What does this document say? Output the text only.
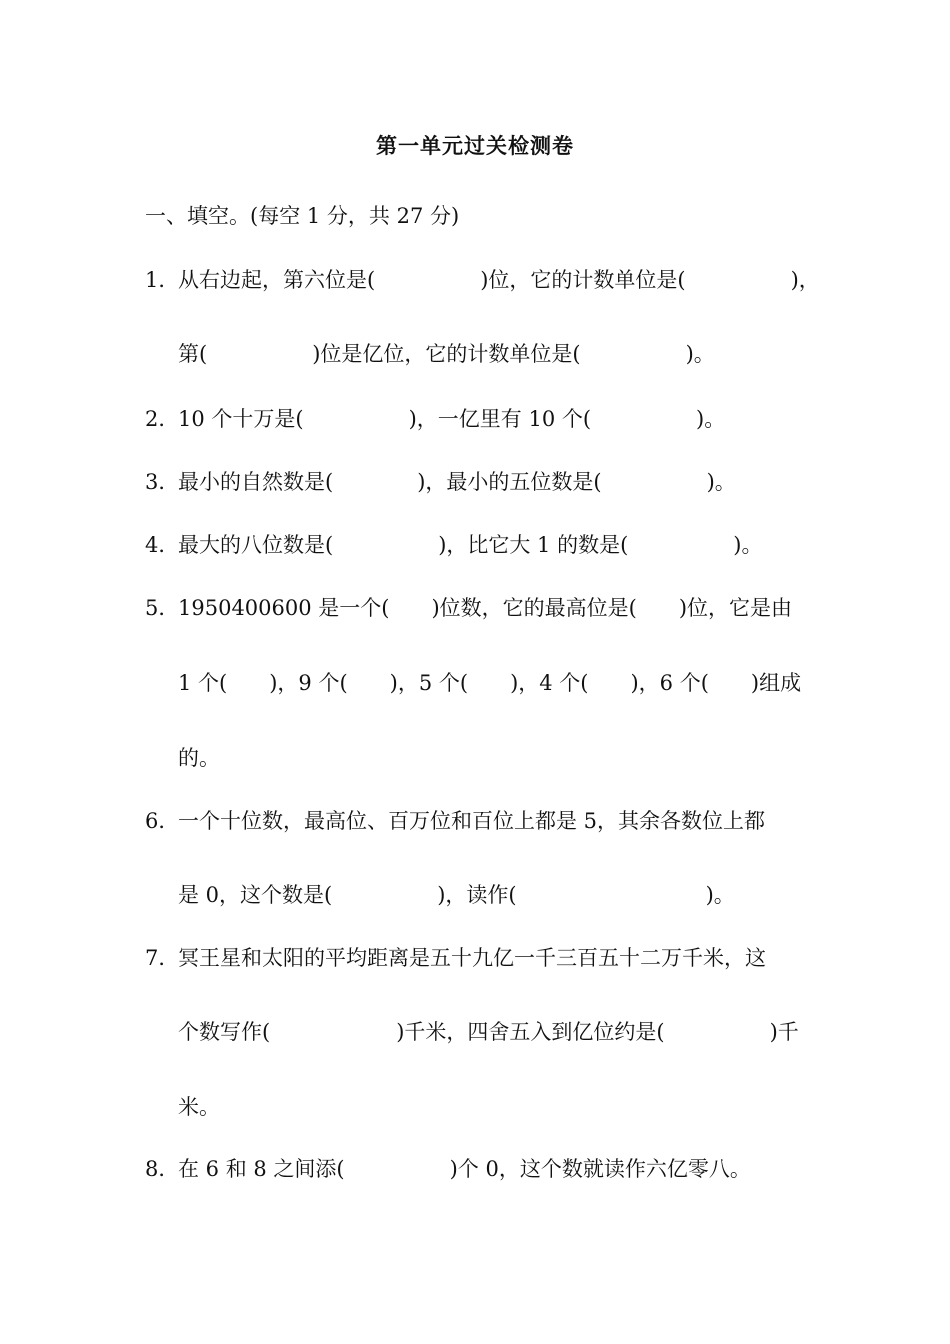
第一单元过关检测卷
一、填空。(每空 1 分，共 27 分)
1．从右边起，第六位是(　　　　　)位，它的计数单位是(　　　　　)，
第(　　　　　)位是亿位，它的计数单位是(　　　　　)。
2．10 个十万是(　　　　　)，一亿里有 10 个(　　　　　)。
3．最小的自然数是(　　　　)，最小的五位数是(　　　　　)。
4．最大的八位数是(　　　　　)，比它大 1 的数是(　　　　　)。
5．1950400600 是一个(　　)位数，它的最高位是(　　)位，它是由
1 个(　　)，9 个(　　)，5 个(　　)，4 个(　　)，6 个(　　)组成
的。
6．一个十位数，最高位、百万位和百位上都是 5，其余各数位上都
是 0，这个数是(　　　　　)，读作(　　　　　　　　　)。
7．冥王星和太阳的平均距离是五十九亿一千三百五十二万千米，这
个数写作(　　　　　　)千米，四舍五入到亿位约是(　　　　　)千
米。
8．在 6 和 8 之间添(　　　　　)个 0，这个数就读作六亿零八。
